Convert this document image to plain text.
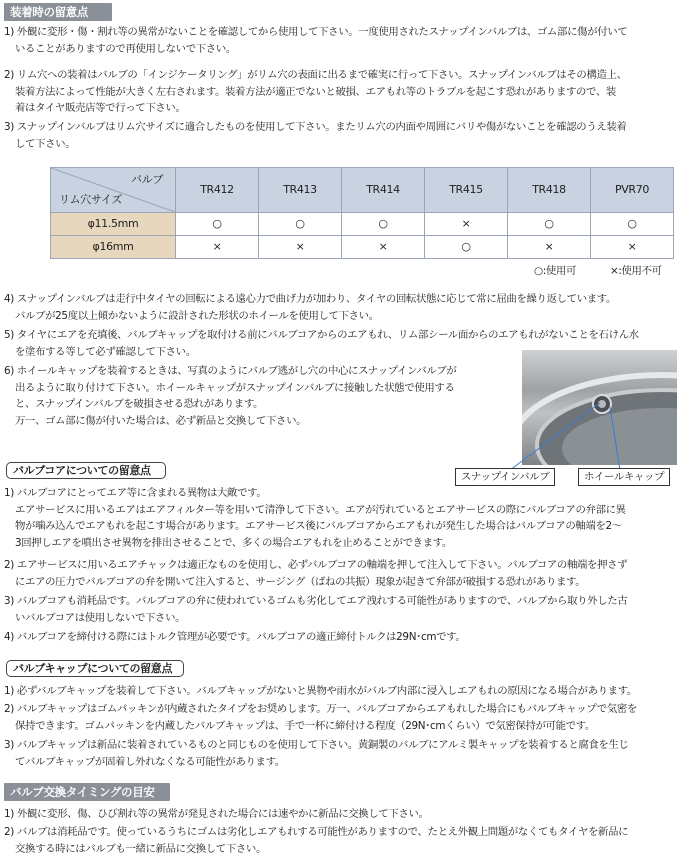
装着時の留意点
1) 外観に変形・傷・割れ等の異常がないことを確認してから使用して下さい。一度使用されたスナップインバルブは、ゴム部に傷が付いて
いることがありますので再使用しないで下さい。
2) リム穴への装着はバルブの「インジケータリング」がリム穴の表面に出るまで確実に行って下さい。スナップインバルブはその構造上、
装着方法によって性能が大きく左右されます。装着方法が適正でないと破損、エアもれ等のトラブルを起こす恐れがありますので、装
着はタイヤ販売店等で行って下さい。
3) スナップインバルブはリム穴サイズに適合したものを使用して下さい。またリム穴の内面や周囲にバリや傷がないことを確認のうえ装着
して下さい。
バルブ
リム穴サイズ	TR412	TR413	TR414	TR415	TR418	PVR70
φ11.5mm	○	○	○	×	○	○
φ16mm	×	×	×	○	×	×
○:使用可	×:使用不可
4) スナップインバルブは走行中タイヤの回転による遠心力で曲げ力が加わり、タイヤの回転状態に応じて常に屈曲を繰り返しています。
バルブが25度以上傾かないように設計された形状のホイールを使用して下さい。
5) タイヤにエアを充填後、バルブキャップを取付ける前にバルブコアからのエアもれ、リム部シール面からのエアもれがないことを石けん水
を塗布する等して必ず確認して下さい。
6) ホイールキャップを装着するときは、写真のようにバルブ逃がし穴の中心にスナップインバルブが
出るように取り付けて下さい。ホイールキャップがスナップインバルブに接触した状態で使用する
と、スナップインバルブを破損させる恐れがあります。
万一、ゴム部に傷が付いた場合は、必ず新品と交換して下さい。
スナップインバルブ	ホイールキャップ
バルブコアについての留意点
1) バルブコアにとってエア等に含まれる異物は大敵です。
エアサービスに用いるエアはエアフィルター等を用いて清浄して下さい。エアが汚れているとエアサービスの際にバルブコアの弁部に異
物が噛み込んでエアもれを起こす場合があります。エアサービス後にバルブコアからエアもれが発生した場合はバルブコアの軸端を2～
3回押しエアを噴出させ異物を排出させることで、多くの場合エアもれを止めることができます。
2) エアサービスに用いるエアチャックは適正なものを使用し、必ずバルブコアの軸端を押して注入して下さい。バルブコアの軸端を押さず
にエアの圧力でバルブコアの弁を開いて注入すると、サージング（ばねの共振）現象が起きて弁部が破損する恐れがあります。
3) バルブコアも消耗品です。バルブコアの弁に使われているゴムも劣化してエア洩れする可能性がありますので、バルブから取り外した古
いバルブコアは使用しないで下さい。
4) バルブコアを締付ける際にはトルク管理が必要です。バルブコアの適正締付トルクは29N･cmです。
バルブキャップについての留意点
1) 必ずバルブキャップを装着して下さい。バルブキャップがないと異物や雨水がバルブ内部に浸入しエアもれの原因になる場合があります。
2) バルブキャップはゴムパッキンが内蔵されたタイプをお奨めします。万一、バルブコアからエアもれした場合にもバルブキャップで気密を
保持できます。ゴムパッキンを内蔵したバルブキャップは、手で一杯に締付ける程度（29N･cmくらい）で気密保持が可能です。
3) バルブキャップは新品に装着されているものと同じものを使用して下さい。黄銅製のバルブにアルミ製キャップを装着すると腐食を生じ
てバルブキャップが固着し外れなくなる可能性があります。
バルブ交換タイミングの目安
1) 外観に変形、傷、ひび割れ等の異常が発見された場合には速やかに新品に交換して下さい。
2) バルブは消耗品です。使っているうちにゴムは劣化しエアもれする可能性がありますので、たとえ外観上問題がなくてもタイヤを新品に
交換する時にはバルブも一緒に新品に交換して下さい。
